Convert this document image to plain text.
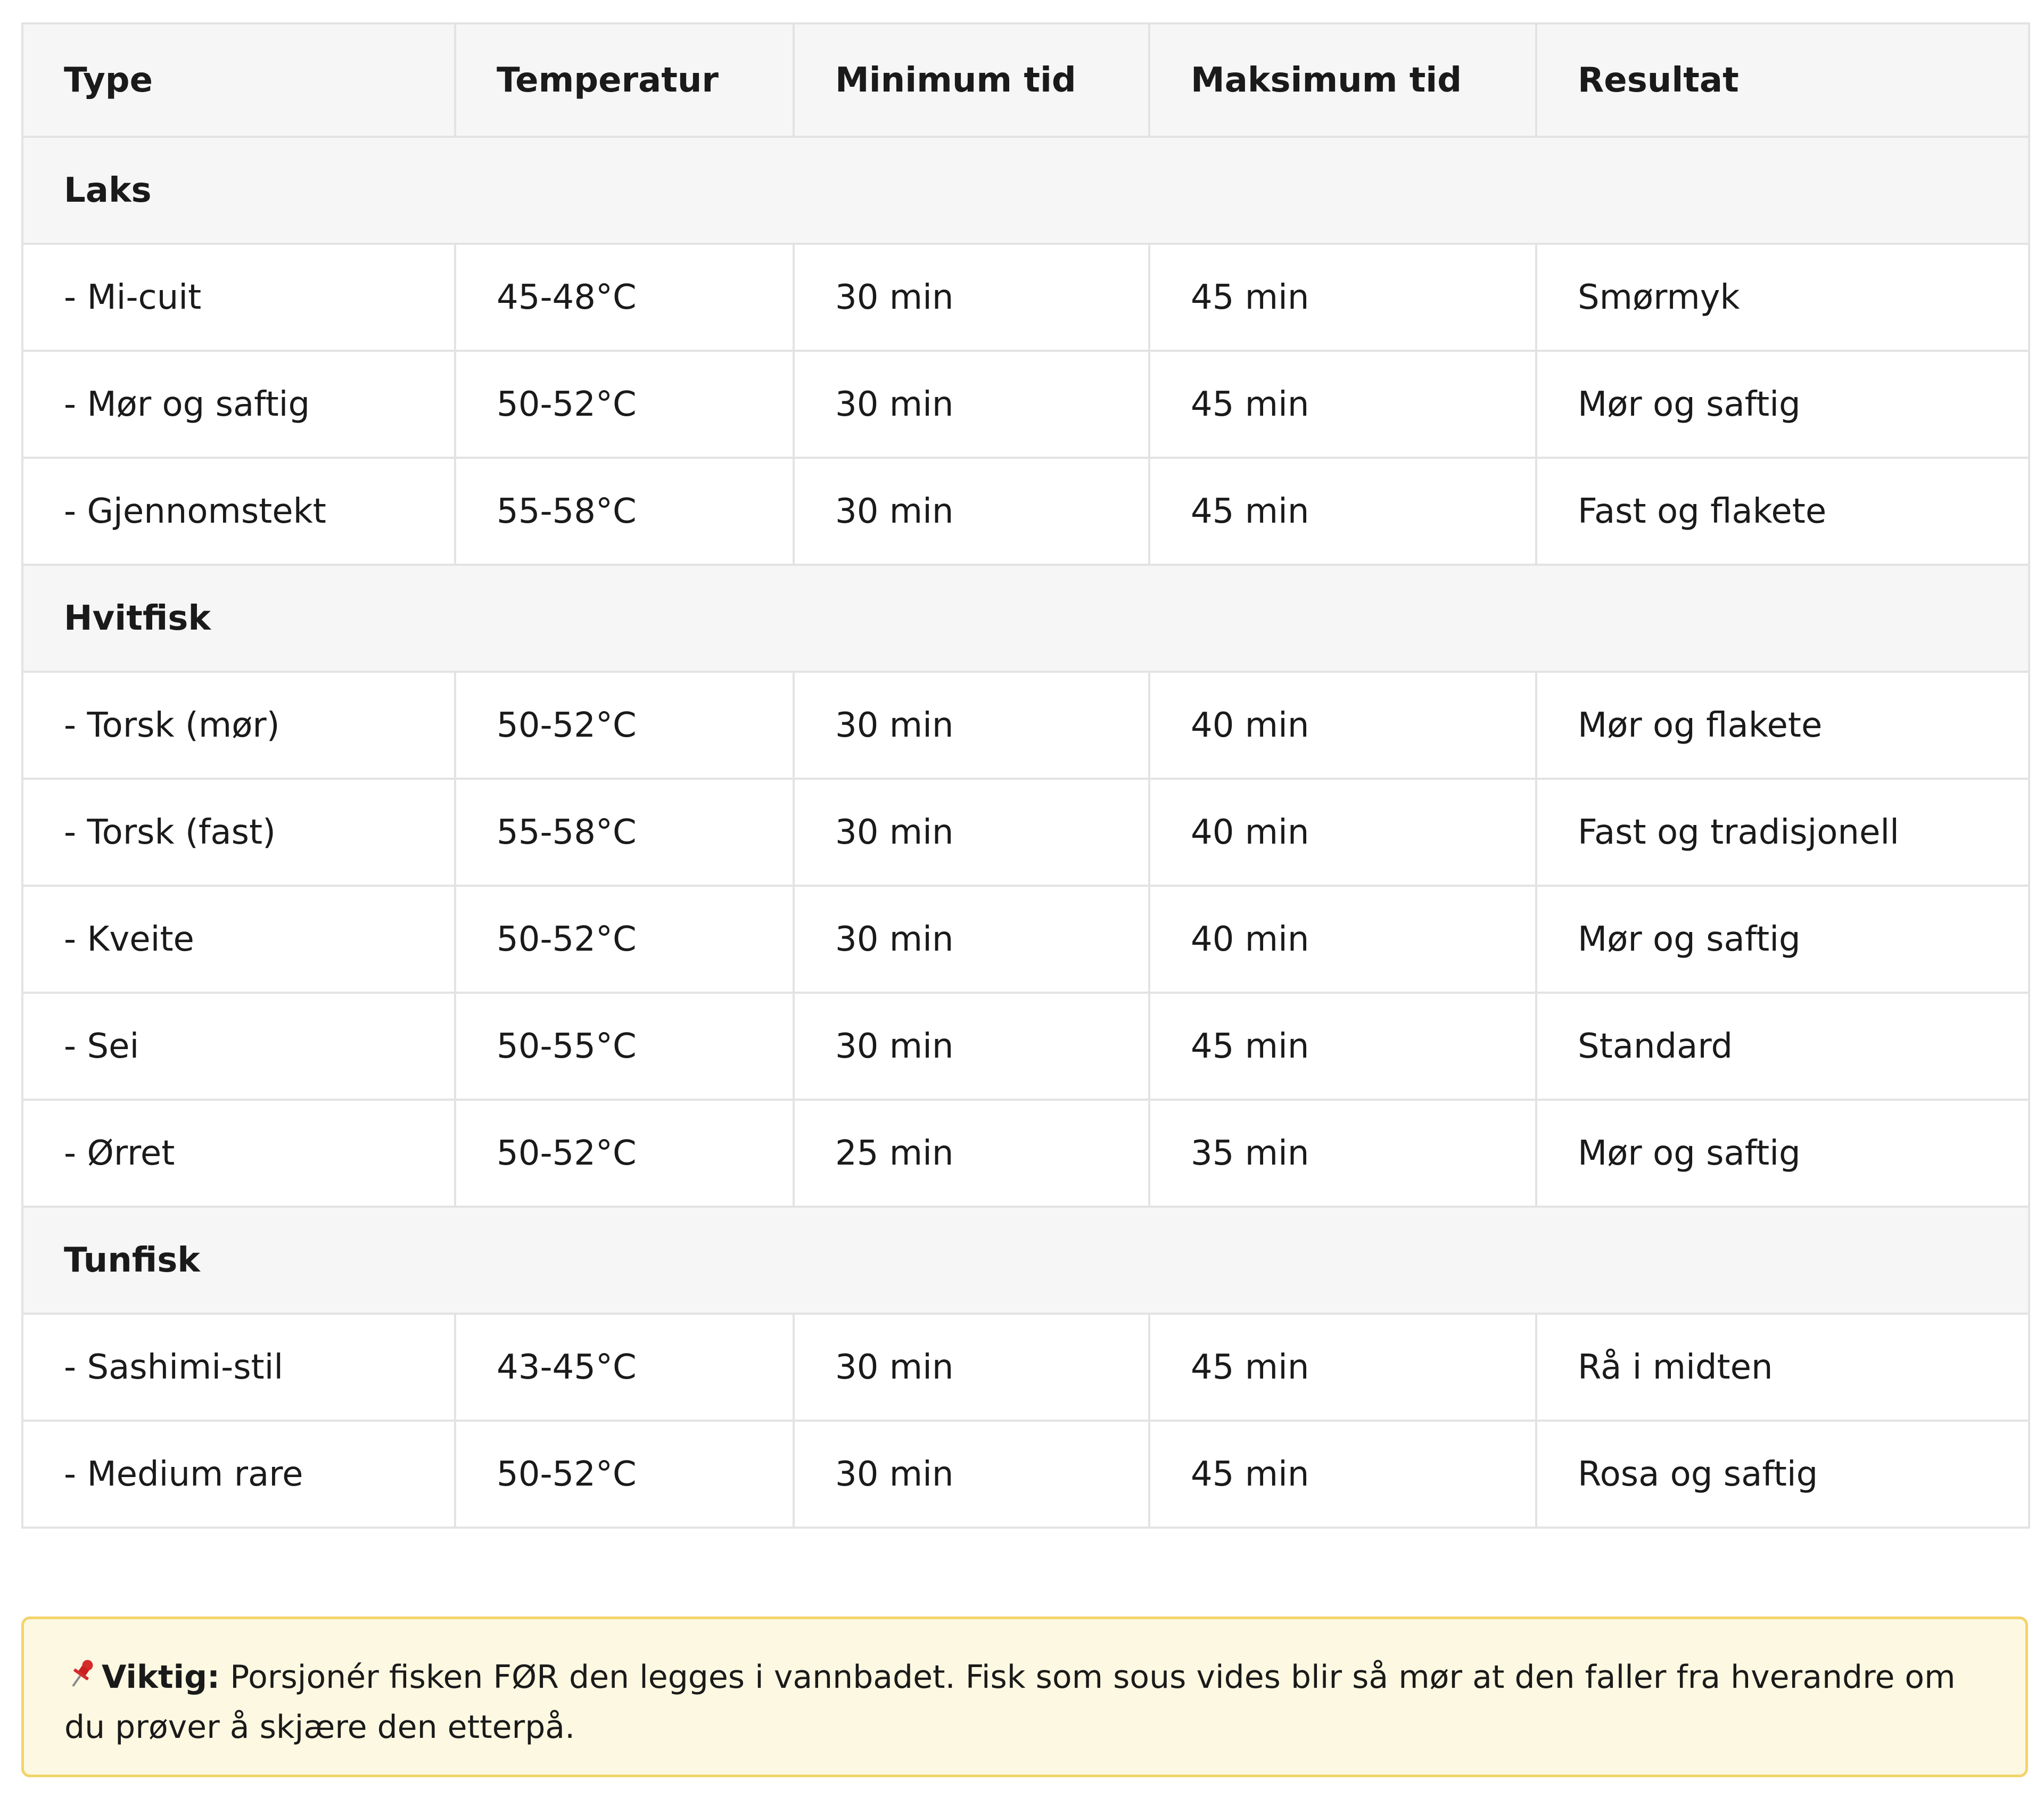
Type	Temperatur	Minimum tid	Maksimum tid	Resultat
Laks				
- Mi-cuit	45-48°C	30 min	45 min	Smørmyk
- Mør og saftig	50-52°C	30 min	45 min	Mør og saftig
- Gjennomstekt	55-58°C	30 min	45 min	Fast og flakete
Hvitfisk				
- Torsk (mør)	50-52°C	30 min	40 min	Mør og flakete
- Torsk (fast)	55-58°C	30 min	40 min	Fast og tradisjonell
- Kveite	50-52°C	30 min	40 min	Mør og saftig
- Sei	50-55°C	30 min	45 min	Standard
- Ørret	50-52°C	25 min	35 min	Mør og saftig
Tunfisk				
- Sashimi-stil	43-45°C	30 min	45 min	Rå i midten
- Medium rare	50-52°C	30 min	45 min	Rosa og saftig
Viktig: Porsjonér fisken FØR den legges i vannbadet. Fisk som sous vides blir så mør at den faller fra hverandre om du prøver å skjære den etterpå.
